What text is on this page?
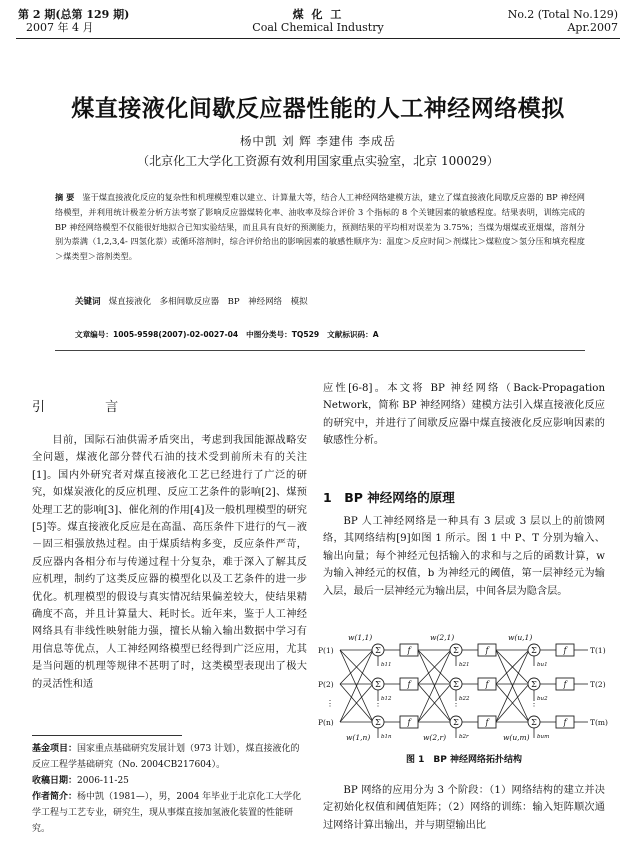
第 2 期(总第 129 期)
2007 年 4 月
煤 化 工
Coal Chemical Industry
No.2 (Total No.129)
Apr.2007
煤直接液化间歇反应器性能的人工神经网络模拟
杨中凯 刘 辉 李建伟 李成岳
（北京化工大学化工资源有效利用国家重点实验室，北京 100029）
摘 要 鉴于煤直接液化反应的复杂性和机理模型难以建立、计算量大等，结合人工神经网络建模方法，建立了煤直接液化间歇反应器的 BP 神经网络模型，并利用统计极差分析方法考察了影响反应器煤转化率、油收率及综合评价 3 个指标的 8 个关键因素的敏感程度。结果表明，训练完成的 BP 神经网络模型不仅能很好地拟合已知实验结果，而且具有良好的预测能力，预测结果的平均相对误差为 3.75%；当煤为烟煤或亚烟煤，溶剂分别为萘满（1,2,3,4- 四氢化萘）或循环溶剂时，综合评价给出的影响因素的敏感性顺序为：温度＞反应时间＞剂煤比＞煤粒度＞氢分压和填充程度＞煤类型＞溶剂类型。
关键词 煤直接液化　多相间歇反应器　BP　神经网络　模拟
文章编号：1005-9598(2007)-02-0027-04 中图分类号：TQ529 文献标识码：A
引 言
目前，国际石油供需矛盾突出，考虑到我国能源战略安全问题，煤液化部分替代石油的技术受到前所未有的关注[1]。国内外研究者对煤直接液化工艺已经进行了广泛的研究，如煤炭液化的反应机理、反应工艺条件的影响[2]、煤预处理工艺的影响[3]、催化剂的作用[4]及一般机理模型的研究[5]等。煤直接液化反应是在高温、高压条件下进行的气－液－固三相强放热过程。由于煤质结构多变，反应条件严苛，反应器内各相分布与传递过程十分复杂，难于深入了解其反应机理，制约了这类反应器的模型化以及工艺条件的进一步优化。机理模型的假设与真实情况结果偏差较大，使结果精确度不高，并且计算量大、耗时长。近年来，鉴于人工神经网络具有非线性映射能力强，擅长从输入输出数据中学习有用信息等优点，人工神经网络模型已经得到广泛应用，尤其是当问题的机理等规律不甚明了时，这类模型表现出了极大的灵活性和适
基金项目：国家重点基础研究发展计划（973 计划），煤直接液化的反应工程学基础研究（No. 2004CB217604）。
收稿日期：2006-11-25
作者简介：杨中凯（1981—），男，2004 年毕业于北京化工大学化学工程与工艺专业，研究生，现从事煤直接加氢液化装置的性能研究。
应性[6-8]。本文将 BP 神经网络（Back-Propagation Network，简称 BP 神经网络）建模方法引入煤直接液化反应的研究中，并进行了间歇反应器中煤直接液化反应影响因素的敏感性分析。
1　BP 神经网络的原理
BP 人工神经网络是一种具有 3 层或 3 层以上的前馈网络，其网络结构[9]如图 1 所示。图 1 中 P、T 分别为输入、输出向量；每个神经元包括输入的求和与之后的函数计算，w 为输入神经元的权值，b 为神经元的阈值，第一层神经元为输入层，最后一层神经元为输出层，中间各层为隐含层。
Σ
Σ
Σ
Σ
Σ
Σ
Σ
Σ
Σ
f
f
f
f
f
f
f
f
f
⋮	⋮	⋮
⋮
P(1)
P(2)
P(n)
T(1)
T(2)
T(m)
w(1,1)	w(2,1)	w(u,1)
w(1,n)	w(2,r)	w(u,m)
b11
b12
b1n
b21
b22
b2r
bu1
bu2
bum
图 1　BP 神经网络拓扑结构
BP 网络的应用分为 3 个阶段：（1）网络结构的建立并决定初始化权值和阈值矩阵；（2）网络的训练：输入矩阵顺次通过网络计算出输出，并与期望输出比
